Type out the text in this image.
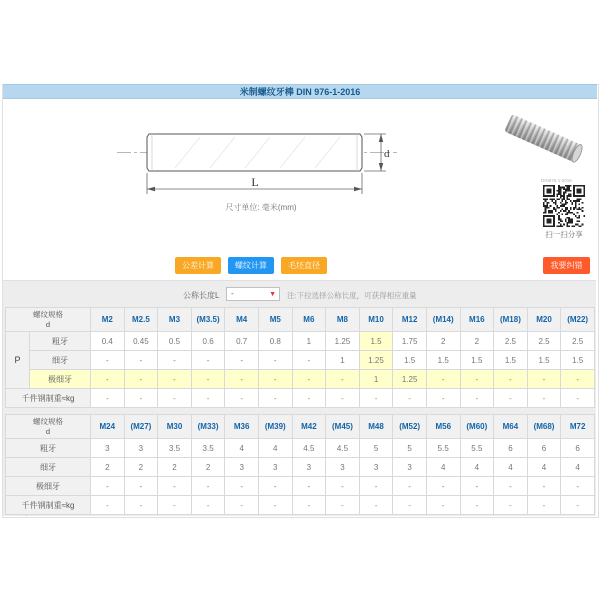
米制螺纹牙棒 DIN 976-1-2016
L
d
尺寸单位: 毫米(mm)
DIN976-1-2016
扫一扫分享
公差计算	螺纹计算	毛坯直径	我要纠错
公称长度L	-	▼ 注:下拉选择公称长度，可获得相应重量
螺纹规格
d		M2	M2.5	M3	(M3.5)	M4	M5	M6	M8	M10	M12	(M14)	M16	(M18)	M20	(M22)
P	粗牙	0.4	0.45	0.5	0.6	0.7	0.8	1	1.25	1.5	1.75	2	2	2.5	2.5	2.5
	细牙	-	-	-	-	-	-	-	1	1.25	1.5	1.5	1.5	1.5	1.5	1.5
	极细牙	-	-	-	-	-	-	-	-	1	1.25	-	-	-	-	-
千件钢制重≈kg		-	-	-	-	-	-	-	-	-	-	-	-	-	-	-
螺纹规格
d	M24	(M27)	M30	(M33)	M36	(M39)	M42	(M45)	M48	(M52)	M56	(M60)	M64	(M68)	M72
粗牙	3	3	3.5	3.5	4	4	4.5	4.5	5	5	5.5	5.5	6	6	6
细牙	2	2	2	2	3	3	3	3	3	3	4	4	4	4	4
极细牙	-	-	-	-	-	-	-	-	-	-	-	-	-	-	-
千件钢制重≈kg	-	-	-	-	-	-	-	-	-	-	-	-	-	-	-
· – ·
